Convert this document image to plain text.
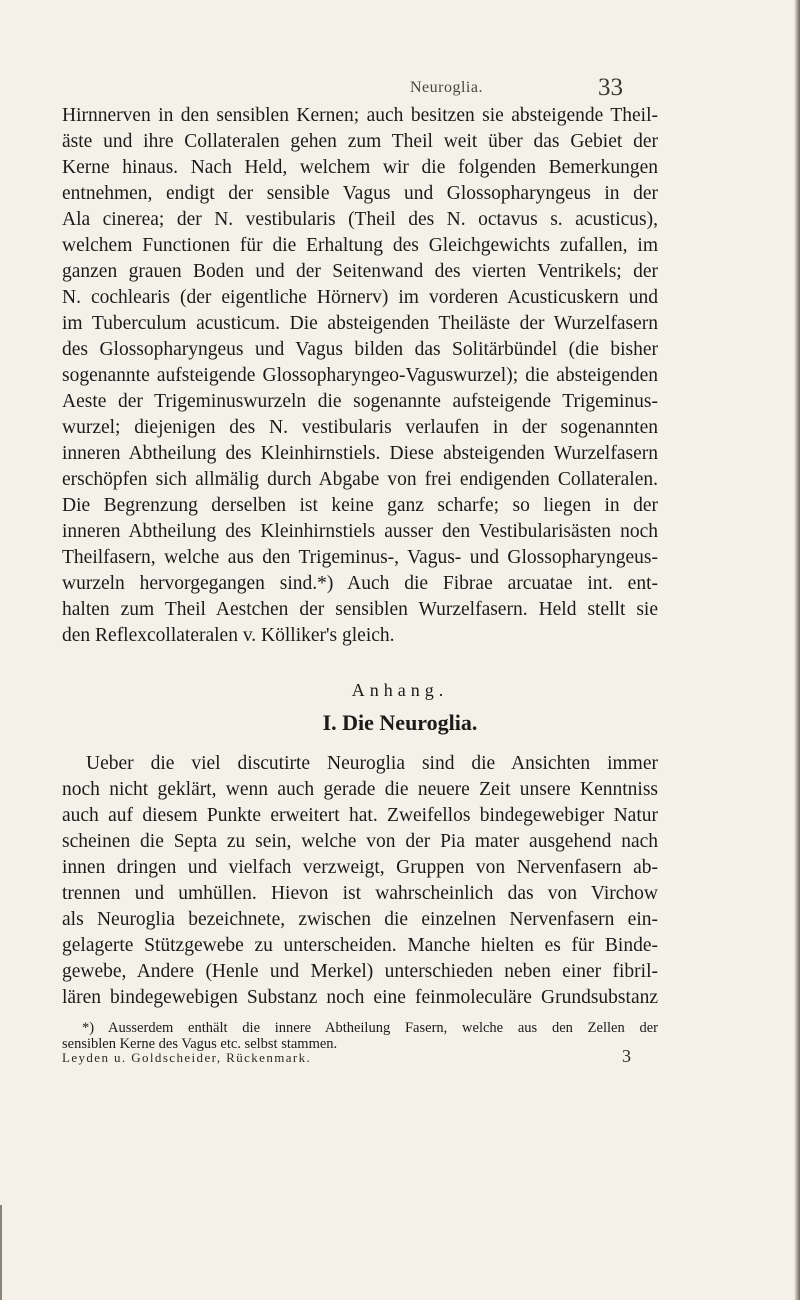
Neuroglia.	33

Hirnnerven in den sensiblen Kernen; auch besitzen sie absteigende Theil-

äste und ihre Collateralen gehen zum Theil weit über das Gebiet der

Kerne hinaus. Nach Held, welchem wir die folgenden Bemerkungen

entnehmen, endigt der sensible Vagus und Glossopharyngeus in der

Ala cinerea; der N. vestibularis (Theil des N. octavus s. acusticus),

welchem Functionen für die Erhaltung des Gleichgewichts zufallen, im

ganzen grauen Boden und der Seitenwand des vierten Ventrikels; der

N. cochlearis (der eigentliche Hörnerv) im vorderen Acusticuskern und

im Tuberculum acusticum. Die absteigenden Theiläste der Wurzelfasern

des Glossopharyngeus und Vagus bilden das Solitärbündel (die bisher

sogenannte aufsteigende Glossopharyngeo-Vaguswurzel); die absteigenden

Aeste der Trigeminuswurzeln die sogenannte aufsteigende Trigeminus-

wurzel; diejenigen des N. vestibularis verlaufen in der sogenannten

inneren Abtheilung des Kleinhirnstiels. Diese absteigenden Wurzelfasern

erschöpfen sich allmälig durch Abgabe von frei endigenden Collateralen.

Die Begrenzung derselben ist keine ganz scharfe; so liegen in der

inneren Abtheilung des Kleinhirnstiels ausser den Vestibularisästen noch

Theilfasern, welche aus den Trigeminus-, Vagus- und Glossopharyngeus-

wurzeln hervorgegangen sind.*) Auch die Fibrae arcuatae int. ent-

halten zum Theil Aestchen der sensiblen Wurzelfasern. Held stellt sie

den Reflexcollateralen v. Kölliker's gleich.

Anhang.
I. Die Neuroglia.

Ueber die viel discutirte Neuroglia sind die Ansichten immer

noch nicht geklärt, wenn auch gerade die neuere Zeit unsere Kenntniss

auch auf diesem Punkte erweitert hat. Zweifellos bindegewebiger Natur

scheinen die Septa zu sein, welche von der Pia mater ausgehend nach

innen dringen und vielfach verzweigt, Gruppen von Nervenfasern ab-

trennen und umhüllen. Hievon ist wahrscheinlich das von Virchow

als Neuroglia bezeichnete, zwischen die einzelnen Nervenfasern ein-

gelagerte Stützgewebe zu unterscheiden. Manche hielten es für Binde-

gewebe, Andere (Henle und Merkel) unterschieden neben einer fibril-

lären bindegewebigen Substanz noch eine feinmoleculäre Grundsubstanz

*) Ausserdem enthält die innere Abtheilung Fasern, welche aus den Zellen der

sensiblen Kerne des Vagus etc. selbst stammen.

Leyden u. Goldscheider, Rückenmark.	3
